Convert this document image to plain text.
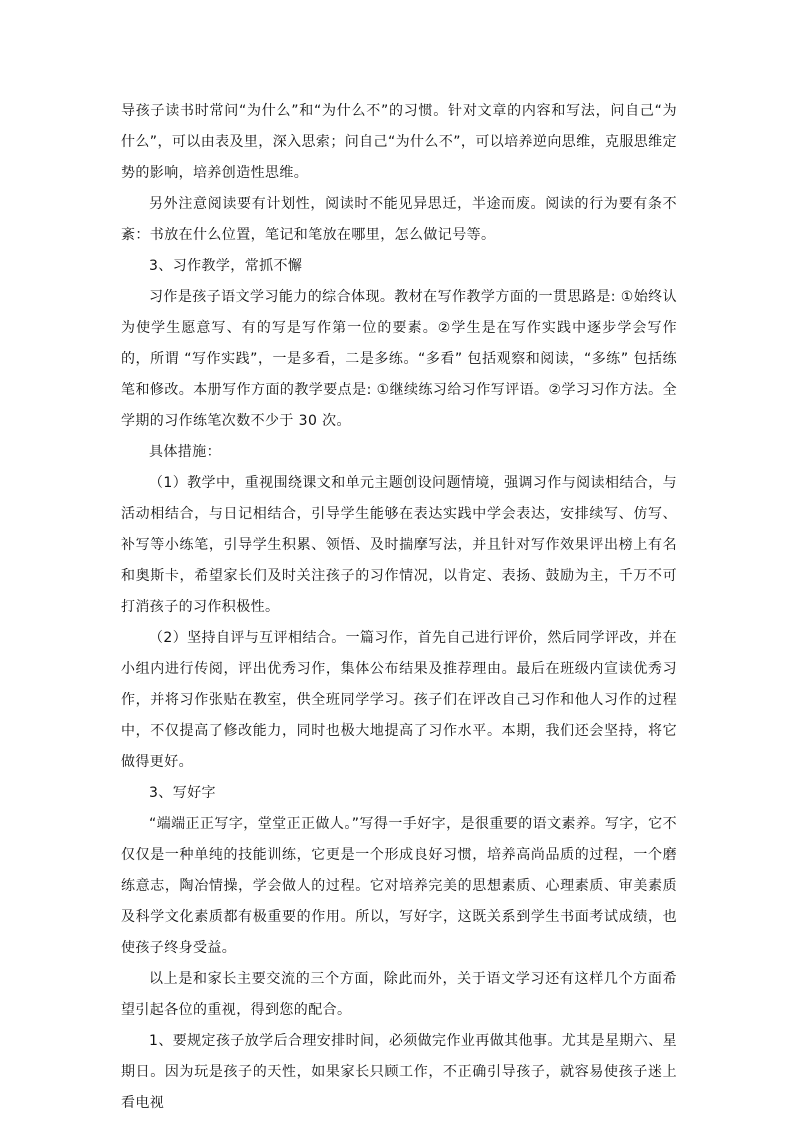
导孩子读书时常问“为什么”和“为什么不”的习惯。针对文章的内容和写法，问自己“为什么”，可以由表及里，深入思索；问自己“为什么不”，可以培养逆向思维，克服思维定势的影响，培养创造性思维。

另外注意阅读要有计划性，阅读时不能见异思迁，半途而废。阅读的行为要有条不紊：书放在什么位置，笔记和笔放在哪里，怎么做记号等。

3、习作教学，常抓不懈

习作是孩子语文学习能力的综合体现。教材在写作教学方面的一贯思路是: ①始终认为使学生愿意写、有的写是写作第一位的要素。②学生是在写作实践中逐步学会写作的，所谓 “写作实践”，一是多看，二是多练。“多看” 包括观察和阅读，“多练” 包括练笔和修改。本册写作方面的教学要点是: ①继续练习给习作写评语。②学习习作方法。全学期的习作练笔次数不少于 30 次。

具体措施：

（1）教学中，重视围绕课文和单元主题创设问题情境，强调习作与阅读相结合，与活动相结合，与日记相结合，引导学生能够在表达实践中学会表达，安排续写、仿写、补写等小练笔，引导学生积累、领悟、及时揣摩写法，并且针对写作效果评出榜上有名和奥斯卡，希望家长们及时关注孩子的习作情况，以肯定、表扬、鼓励为主，千万不可打消孩子的习作积极性。

（2）坚持自评与互评相结合。一篇习作，首先自己进行评价，然后同学评改，并在小组内进行传阅，评出优秀习作，集体公布结果及推荐理由。最后在班级内宣读优秀习作，并将习作张贴在教室，供全班同学学习。孩子们在评改自己习作和他人习作的过程中，不仅提高了修改能力，同时也极大地提高了习作水平。本期，我们还会坚持，将它做得更好。

3、写好字

“端端正正写字，堂堂正正做人。”写得一手好字，是很重要的语文素养。写字，它不仅仅是一种单纯的技能训练，它更是一个形成良好习惯，培养高尚品质的过程，一个磨练意志，陶冶情操，学会做人的过程。它对培养完美的思想素质、心理素质、审美素质及科学文化素质都有极重要的作用。所以，写好字，这既关系到学生书面考试成绩，也使孩子终身受益。

以上是和家长主要交流的三个方面，除此而外，关于语文学习还有这样几个方面希望引起各位的重视，得到您的配合。

1、要规定孩子放学后合理安排时间，必须做完作业再做其他事。尤其是星期六、星期日。因为玩是孩子的天性，如果家长只顾工作，不正确引导孩子，就容易使孩子迷上看电视
